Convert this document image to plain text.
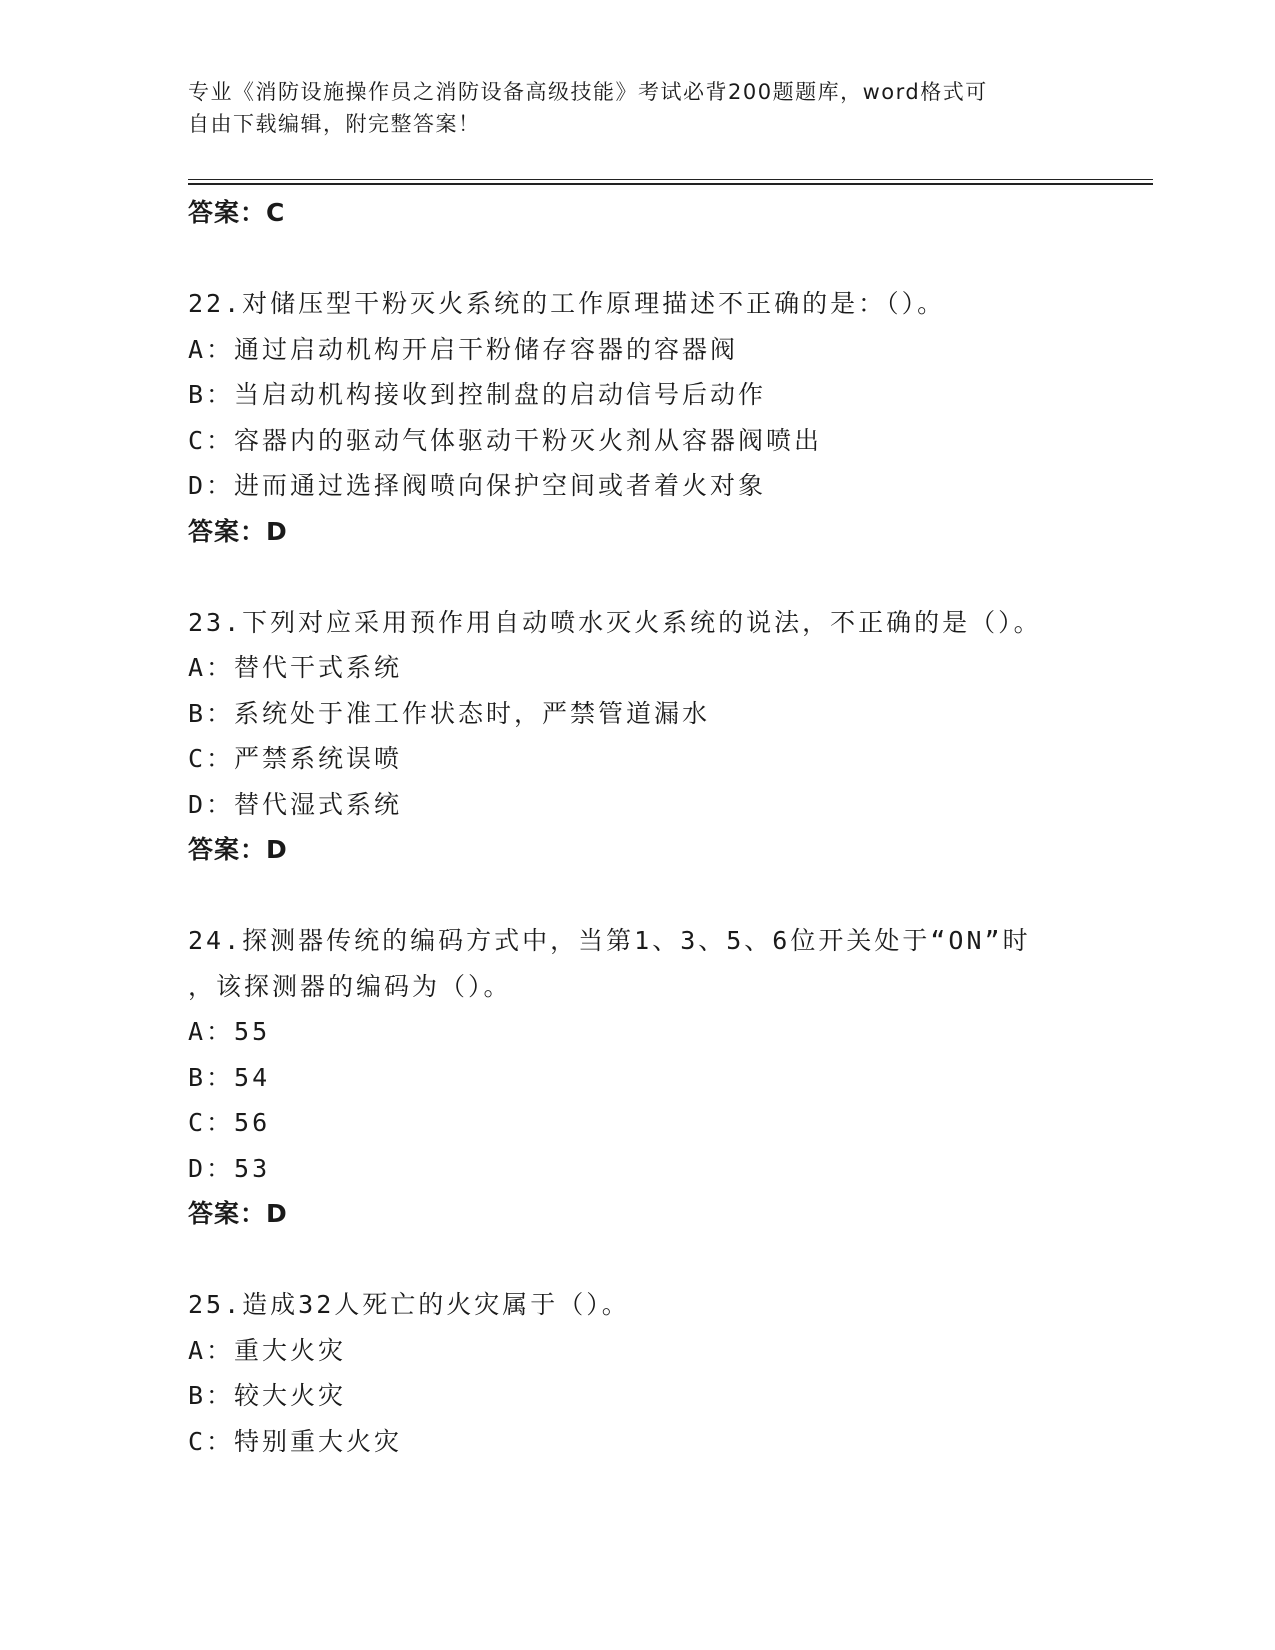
专业《消防设施操作员之消防设备高级技能》考试必背200题题库，word格式可
自由下载编辑，附完整答案！
答案：C
22.对储压型干粉灭火系统的工作原理描述不正确的是：（）。
A：通过启动机构开启干粉储存容器的容器阀
B：当启动机构接收到控制盘的启动信号后动作
C：容器内的驱动气体驱动干粉灭火剂从容器阀喷出
D：进而通过选择阀喷向保护空间或者着火对象
答案：D
23.下列对应采用预作用自动喷水灭火系统的说法，不正确的是（）。
A：替代干式系统
B：系统处于准工作状态时，严禁管道漏水
C：严禁系统误喷
D：替代湿式系统
答案：D
24.探测器传统的编码方式中，当第1、3、5、6位开关处于“ON”时
，该探测器的编码为（）。
A：55
B：54
C：56
D：53
答案：D
25.造成32人死亡的火灾属于（）。
A：重大火灾
B：较大火灾
C：特别重大火灾
